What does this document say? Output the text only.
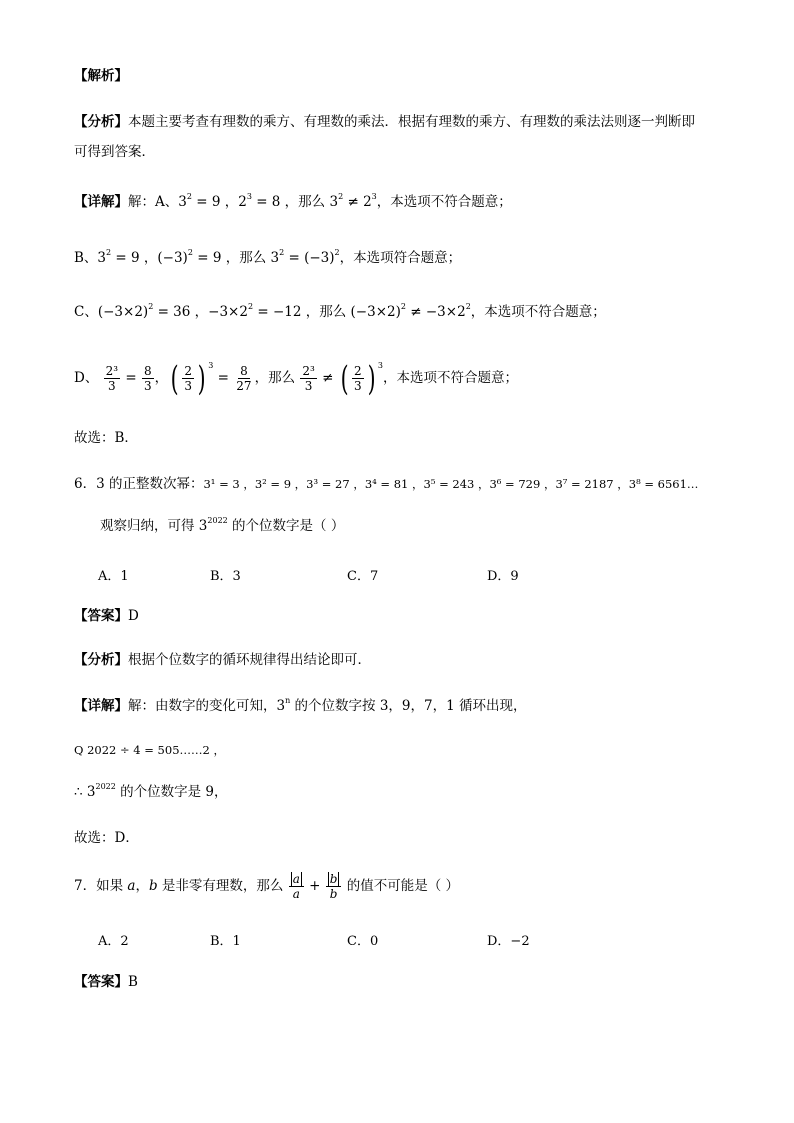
【解析】
【分析】本题主要考查有理数的乘方、有理数的乘法．根据有理数的乘方、有理数的乘法法则逐一判断即
可得到答案．
【详解】解：A、$3^2 = 9$ ，$2^3 = 8$ ，那么 $3^2 \ne 2^3$，本选项不符合题意；
B、$3^2 = 9$ ，$(-3)^2 = 9$ ，那么 $3^2 = (-3)^2$，本选项符合题意；
C、$(-3\times 2)^2 = 36$ ，$-3\times 2^2 = -12$ ，那么 $(-3\times 2)^2 \ne -3\times 2^2$，本选项不符合题意；
D、 $\frac{\text{2³}}{3} = \frac{8}{3}$ ， ( $\frac{2}{3}$ ) $^3 = \frac{8}{27}$ ，那么 $\frac{\text{2³}}{3}$ ≠ ( $\frac{2}{3}$ ) $^3$，本选项不符合题意；
故选：B．
6．3 的正整数次幂：3¹ = 3 ，3² = 9 ，3³ = 27 ，3⁴ = 81 ，3⁵ = 243 ，3⁶ = 729 ，3⁷ = 2187 ，3⁸ = 6561…
观察归纳，可得 $3^{2022}$ 的个位数字是（ ）
A．1	B．3	C．7	D．9
【答案】D
【分析】根据个位数字的循环规律得出结论即可．
【详解】解：由数字的变化可知，3$^n$ 的个位数字按 3，9，7，1 循环出现，
Q 2022 ÷ 4 = 505……2 ，
∴ $3^{2022}$ 的个位数字是 9，
故选：D．
7．如果 a，b 是非零有理数，那么 $\frac{a}{a} + \frac{b}{b}$ 的值不可能是（ ）
A．2	B．1	C．0	D．−2
【答案】B
